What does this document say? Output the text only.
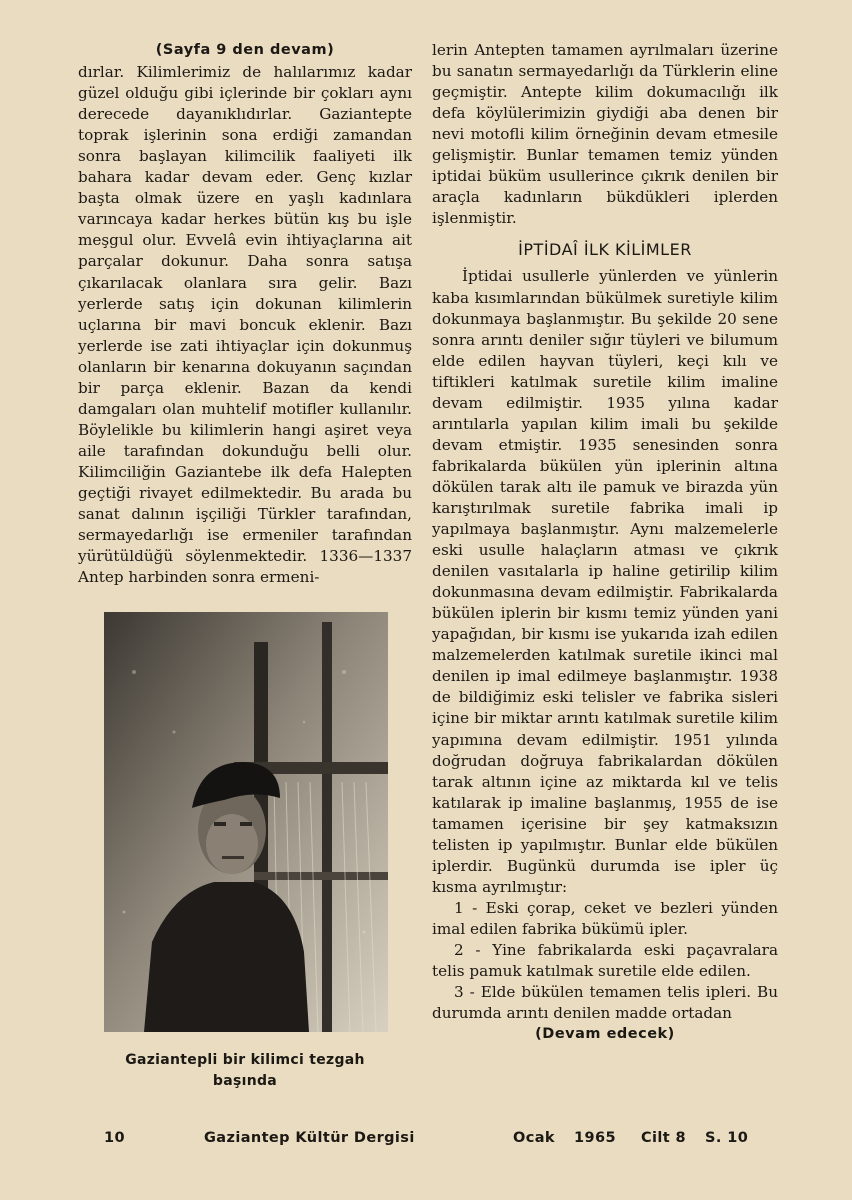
(Sayfa 9 den devam)

dırlar. Kilimlerimiz de halılarımız kadar güzel olduğu gibi içlerinde bir çokları aynı derecede dayanıklıdırlar. Gaziantepte toprak işlerinin sona erdiği zamandan sonra başlayan kilimcilik faaliyeti ilk bahara kadar devam eder. Genç kızlar başta olmak üzere en yaşlı kadınlara varıncaya kadar herkes bütün kış bu işle meşgul olur. Evvelâ evin ihtiyaçlarına ait parçalar dokunur. Daha sonra satışa çıkarılacak olanlara sıra gelir. Bazı yerlerde satış için dokunan kilimlerin uçlarına bir mavi boncuk eklenir. Bazı yerlerde ise zati ihtiyaçlar için dokunmuş olanların bir kenarına dokuyanın saçından bir parça eklenir. Bazan da kendi damgaları olan muhtelif motifler kullanılır. Böylelikle bu kilimlerin hangi aşiret veya aile tarafından dokunduğu belli olur. Kilimciliğin Gaziantebe ilk defa Halepten geçtiği rivayet edilmektedir. Bu arada bu sanat dalının işçiliği Türkler tarafından, sermayedarlığı ise ermeniler tarafından yürütüldüğü söylenmektedir. 1336—1337 Antep harbinden sonra ermeni-

Gaziantepli bir kilimci tezgah
başında

lerin Antepten tamamen ayrılmaları üzerine bu sanatın sermayedarlığı da Türklerin eline geçmiştir. Antepte kilim dokumacılığı ilk defa köylülerimizin giydiği aba denen bir nevi motofli kilim örneğinin devam etmesile gelişmiştir. Bunlar temamen temiz yünden iptidai büküm usullerince çıkrık denilen bir araçla kadınların bükdükleri iplerden işlenmiştir.

İPTİDAÎ İLK KİLİMLER

İptidai usullerle yünlerden ve yünlerin kaba kısımlarından bükülmek suretiyle kilim dokunmaya başlanmıştır. Bu şekilde 20 sene sonra arıntı deniler sığır tüyleri ve bilumum elde edilen hayvan tüyleri, keçi kılı ve tiftikleri katılmak suretile kilim imaline devam edilmiştir. 1935 yılına kadar arıntılarla yapılan kilim imali bu şekilde devam etmiştir. 1935 senesinden sonra fabrikalarda bükülen yün iplerinin altına dökülen tarak altı ile pamuk ve birazda yün karıştırılmak suretile fabrika imali ip yapılmaya başlanmıştır. Aynı malzemelerle eski usulle halaçların atması ve çıkrık denilen vasıtalarla ip haline getirilip kilim dokunmasına devam edilmiştir. Fabrikalarda bükülen iplerin bir kısmı temiz yünden yani yapağıdan, bir kısmı ise yukarıda izah edilen malzemelerden katılmak suretile ikinci mal denilen ip imal edilmeye başlanmıştır. 1938 de bildiğimiz eski telisler ve fabrika sisleri içine bir miktar arıntı katılmak suretile kilim yapımına devam edilmiştir. 1951 yılında doğrudan doğruya fabrikalardan dökülen tarak altının içine az miktarda kıl ve telis katılarak ip imaline başlanmış, 1955 de ise tamamen içerisine bir şey katmaksızın telisten ip yapılmıştır. Bunlar elde bükülen iplerdir. Bugünkü durumda ise ipler üç kısma ayrılmıştır:

1 - Eski çorap, ceket ve bezleri yünden imal edilen fabrika bükümü ipler.

2 - Yine fabrikalarda eski paçavralara telis pamuk katılmak suretile elde edilen.

3 - Elde bükülen temamen telis ipleri. Bu durumda arıntı denilen madde ortadan

(Devam edecek)

10	Gaziantep Kültür Dergisi	Ocak 1965 Cilt 8 S. 10
